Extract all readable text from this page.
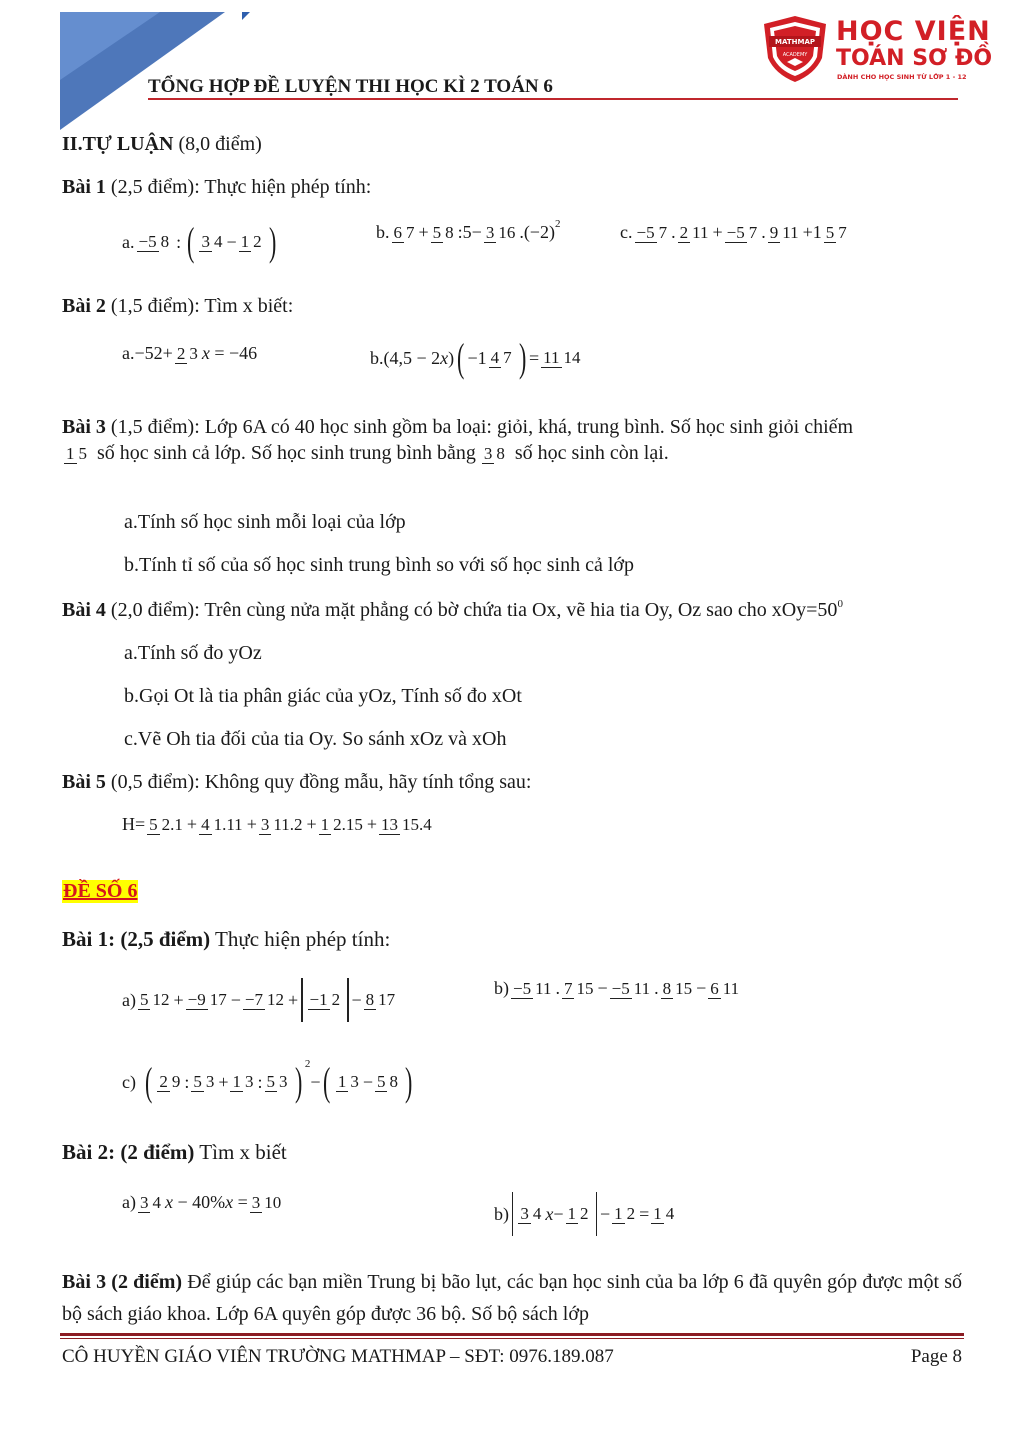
MATHMAP
ACADEMY
HỌC VIỆN
TOÁN SƠ ĐỒ
DÀNH CHO HỌC SINH TỪ LỚP 1 - 12
TỔNG HỢP ĐỀ LUYỆN THI HỌC KÌ 2 TOÁN 6
II.TỰ LUẬN (8,0 điểm)
Bài 1 (2,5 điểm): Thực hiện phép tính:
a. −5 8 : ( 3 4 − 1 2 )	b. 6 7 + 5 8 :5− 3 16 .(−2) 2	c. −5 7 . 2 11 + −5 7 . 9 11 +1 5 7
Bài 2 (1,5 điểm): Tìm x biết:
a. −52+ 2 3 x = −46	b. (4,5 − 2x) ( −1 4 7 ) = 11 14
Bài 3 (1,5 điểm): Lớp 6A có 40 học sinh gồm ba loại: giỏi, khá, trung bình. Số học sinh giỏi chiếm
1 5 số học sinh cả lớp. Số học sinh trung bình bằng 3 8 số học sinh còn lại.
a.Tính số học sinh mỗi loại của lớp
b.Tính tỉ số của số học sinh trung bình so với số học sinh cả lớp
Bài 4 (2,0 điểm): Trên cùng nửa mặt phẳng có bờ chứa tia Ox, vẽ hia tia Oy, Oz sao cho $xOy=50^0$
a.Tính số đo yOz
b.Gọi Ot là tia phân giác của yOz, Tính số đo xOt
c.Vẽ Oh tia đối của tia Oy. So sánh xOz và xOh
Bài 5 (0,5 điểm): Không quy đồng mẫu, hãy tính tổng sau:
H= 5 2.1 + 4 1.11 + 3 11.2 + 1 2.15 + 13 15.4
ĐỀ SỐ 6
Bài 1: (2,5 điểm) Thực hiện phép tính:
a) 5 12 + −9 17 − −7 12 + −1 2 − 8 17
b) −5 11 . 7 15 − −5 11 . 8 15 − 6 11
c) ( 2 9 : 5 3 + 1 3 : 5 3 ) 2
− ( 1 3 − 5 8 )
Bài 2: (2 điểm) Tìm x biết
a) 3 4 x − 40%x = 3 10
b) 3 4 x− 1 2 − 1 2 = 1 4
Bài 3 (2 điểm) Để giúp các bạn miền Trung bị bão lụt, các bạn học sinh của ba lớp 6 đã quyên góp được một số bộ sách giáo khoa. Lớp 6A quyên góp được 36 bộ. Số bộ sách lớp
CÔ HUYỀN GIÁO VIÊN TRƯỜNG MATHMAP – SĐT: 0976.189.087	Page 8
